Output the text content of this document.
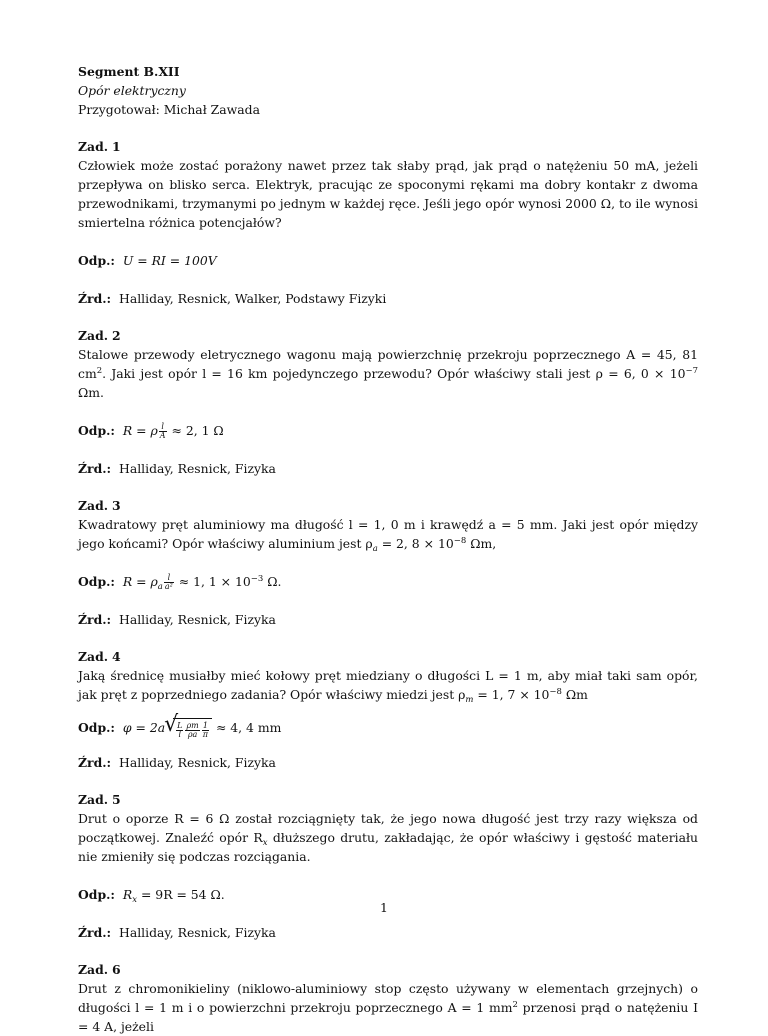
Segment B.XII
Opór elektryczny
Przygotował: Michał Zawada
Zad. 1
Człowiek może zostać porażony nawet przez tak słaby prąd, jak prąd o natężeniu 50 mA, jeżeli przepływa on blisko serca. Elektryk, pracując ze spoconymi rękami ma dobry kontakr z dwoma przewodnikami, trzymanymi po jednym w każdej ręce. Jeśli jego opór wynosi 2000 Ω, to ile wynosi smiertelna różnica potencjałów?
Odp.: U = RI = 100V
Źrd.: Halliday, Resnick, Walker, Podstawy Fizyki
Zad. 2
Stalowe przewody eletrycznego wagonu mają powierzchnię przekroju poprzecznego A = 45, 81 $cm^2$. Jaki jest opór l = 16 km pojedynczego przewodu? Opór właściwy stali jest ρ = 6, $0 \times 10^{-7}$ Ωm.
Odp.: R = ρ $\frac{l}{A} \approx 2$, 1 Ω
Źrd.: Halliday, Resnick, Fizyka
Zad. 3
Kwadratowy pręt aluminiowy ma długość l = 1, 0 m i krawędź a = 5 mm. Jaki jest opór między jego końcami? Opór właściwy aluminium jest $\rho_a = 2$, $8 \times 10^{-8}$ Ωm,
Odp.: $R = \rho_a \frac{l}{\text{a²}} \approx 1$, $1 \times 10^{-3}$ Ω.
Źrd.: Halliday, Resnick, Fizyka
Zad. 4
Jaką średnicę musiałby mieć kołowy pręt miedziany o długości L = 1 m, aby miał taki sam opór, jak pręt z poprzedniego zadania? Opór właściwy miedzi jest $\rho_m = 1$, $7 \times 10^{-8}$ Ωm
Odp.: φ = 2a
√ $\frac{L}{l} \frac{\rho m}{\rho a} \frac{1}{\pi} \approx 4$, 4 mm
Źrd.: Halliday, Resnick, Fizyka
Zad. 5
Drut o oporze R = 6 Ω został rozciągnięty tak, że jego nowa długość jest trzy razy większa od początkowej. Znaleźć opór $R_x$ dłuższego drutu, zakładając, że opór właściwy i gęstość materiału nie zmieniły się podczas rozciągania.
Odp.: $R_x = 9R = 54$ Ω.
Źrd.: Halliday, Resnick, Fizyka
Zad. 6
Drut z chromonikieliny (niklowo-aluminiowy stop często używany w elementach grzejnych) o długości l = 1 m i o powierzchni przekroju poprzecznego A = 1 $mm^2$ przenosi prąd o natężeniu I = 4 A, jeżeli
1
